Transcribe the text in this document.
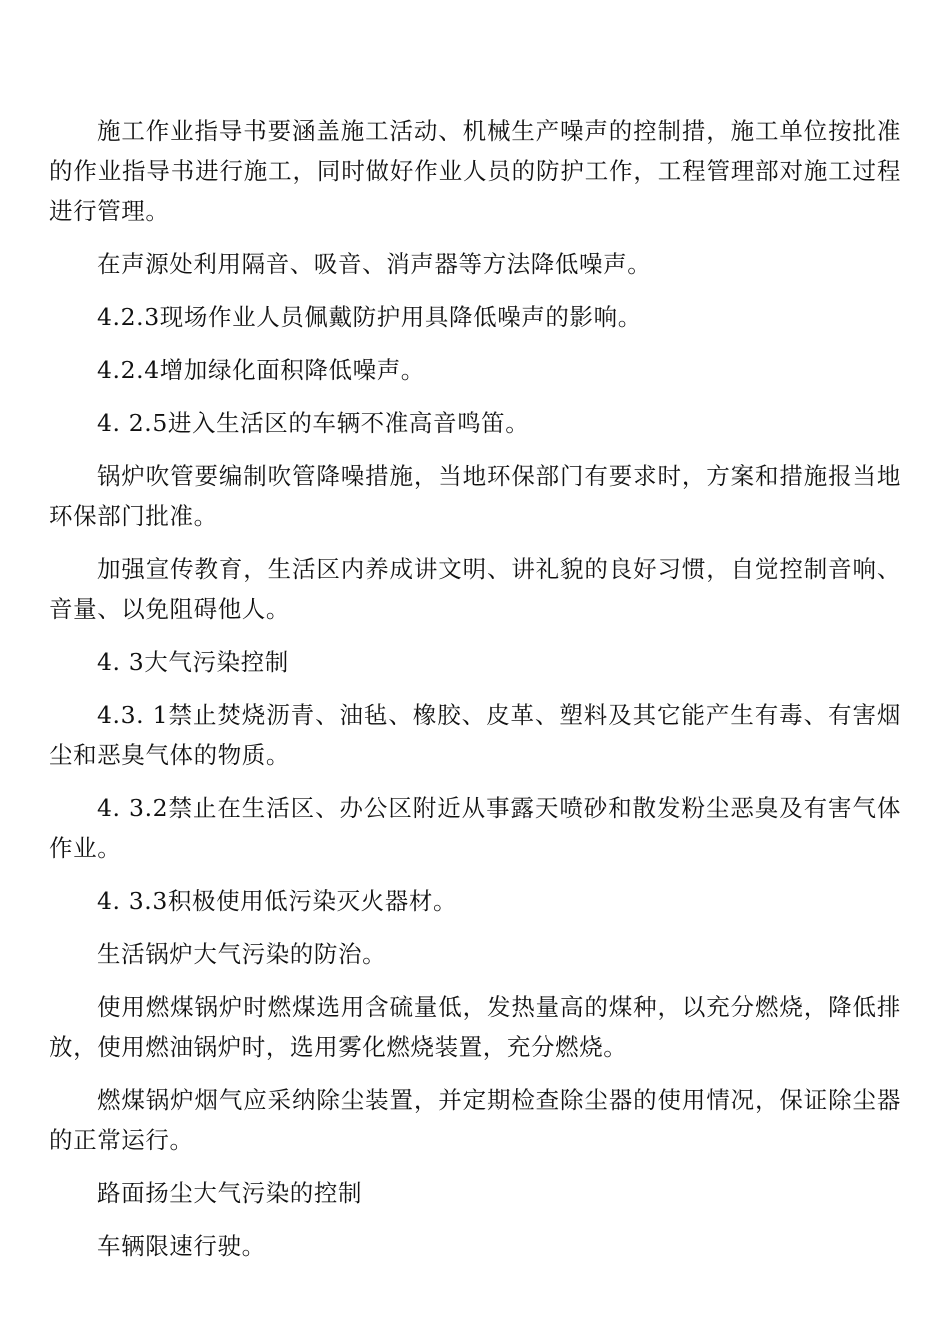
施工作业指导书要涵盖施工活动、机械生产噪声的控制措，施工单位按批准的作业指导书进行施工，同时做好作业人员的防护工作，工程管理部对施工过程进行管理。

在声源处利用隔音、吸音、消声器等方法降低噪声。

4.2.3现场作业人员佩戴防护用具降低噪声的影响。

4.2.4增加绿化面积降低噪声。

4. 2.5进入生活区的车辆不准高音鸣笛。

锅炉吹管要编制吹管降噪措施，当地环保部门有要求时，方案和措施报当地环保部门批准。

加强宣传教育，生活区内养成讲文明、讲礼貌的良好习惯，自觉控制音响、音量、以免阻碍他人。

4. 3大气污染控制

4.3. 1禁止焚烧沥青、油毡、橡胶、皮革、塑料及其它能产生有毒、有害烟尘和恶臭气体的物质。

4. 3.2禁止在生活区、办公区附近从事露天喷砂和散发粉尘恶臭及有害气体作业。

4. 3.3积极使用低污染灭火器材。

生活锅炉大气污染的防治。

使用燃煤锅炉时燃煤选用含硫量低，发热量高的煤种，以充分燃烧，降低排放，使用燃油锅炉时，选用雾化燃烧装置，充分燃烧。

燃煤锅炉烟气应采纳除尘装置，并定期检查除尘器的使用情况，保证除尘器的正常运行。

路面扬尘大气污染的控制

车辆限速行驶。
